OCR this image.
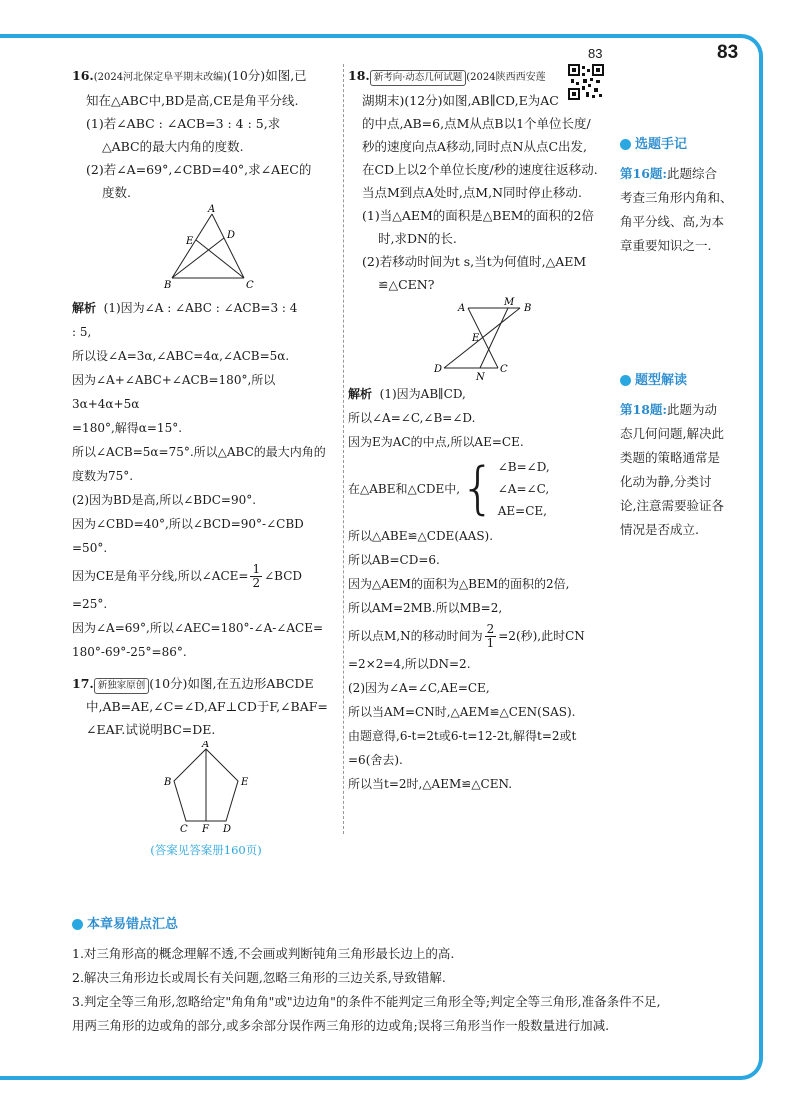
83	83

16.(2024河北保定阜平期末改编)(10分)如图,已

知在△ABC中,BD是高,CE是角平分线.

(1)若∠ABC : ∠ACB=3 : 4 : 5,求

△ABC的最大内角的度数.

(2)若∠A=69°,∠CBD=40°,求∠AEC的

度数.

A
B	C
D
E

解析 (1)因为∠A : ∠ABC : ∠ACB=3 : 4

: 5,

所以设∠A=3α,∠ABC=4α,∠ACB=5α.

因为∠A+∠ABC+∠ACB=180°,所以3α+4α+5α

=180°,解得α=15°.

所以∠ACB=5α=75°.所以△ABC的最大内角的

度数为75°.

(2)因为BD是高,所以∠BDC=90°.

因为∠CBD=40°,所以∠BCD=90°-∠CBD

=50°.

因为CE是角平分线,所以∠ACE= $\frac{1}{2}$ ∠BCD

=25°.

因为∠A=69°,所以∠AEC=180°-∠A-∠ACE=

180°-69°-25°=86°.

17. 新独家原创 (10分)如图,在五边形ABCDE

中,AB=AE,∠C=∠D,AF⊥CD于F,∠BAF=

∠EAF.试说明BC=DE.

A
B
C	D
E
F

(答案见答案册160页)

18. 新考向·动态几何试题 (2024陕西西安莲

湖期末)(12分)如图,AB∥CD,E为AC

的中点,AB=6,点M从点B以1个单位长度/

秒的速度向点A移动,同时点N从点C出发,

在CD上以2个单位长度/秒的速度往返移动.

当点M到点A处时,点M,N同时停止移动.

(1)当△AEM的面积是△BEM的面积的2倍

时,求DN的长.

(2)若移动时间为t s,当t为何值时,△AEM

≌△CEN?

A
M
B
E
D
N
C

解析 (1)因为AB∥CD,

所以∠A=∠C,∠B=∠D.

因为E为AC的中点,所以AE=CE.

在△ABE和△CDE中, { ∠B=∠D,
∠A=∠C,
AE=CE,

所以△ABE≌△CDE(AAS).

所以AB=CD=6.

因为△AEM的面积为△BEM的面积的2倍,

所以AM=2MB.所以MB=2,

所以点M,N的移动时间为 $\frac{2}{1} =2$(秒),此时CN

=2×2=4,所以DN=2.

(2)因为∠A=∠C,AE=CE,

所以当AM=CN时,△AEM≌△CEN(SAS).

由题意得,6-t=2t或6-t=12-2t,解得t=2或t

=6(舍去).

所以当t=2时,△AEM≌△CEN.

选题手记

第16题:此题综合

考查三角形内角和、

角平分线、高,为本

章重要知识之一.

题型解读

第18题:此题为动

态几何问题,解决此

类题的策略通常是

化动为静,分类讨

论,注意需要验证各

情况是否成立.

本章易错点汇总

1.对三角形高的概念理解不透,不会画或判断钝角三角形最长边上的高.

2.解决三角形边长或周长有关问题,忽略三角形的三边关系,导致错解.

3.判定全等三角形,忽略给定"角角角"或"边边角"的条件不能判定三角形全等;判定全等三角形,准备条件不足,

用两三角形的边或角的部分,或多余部分误作两三角形的边或角;误将三角形当作一般数量进行加减.
